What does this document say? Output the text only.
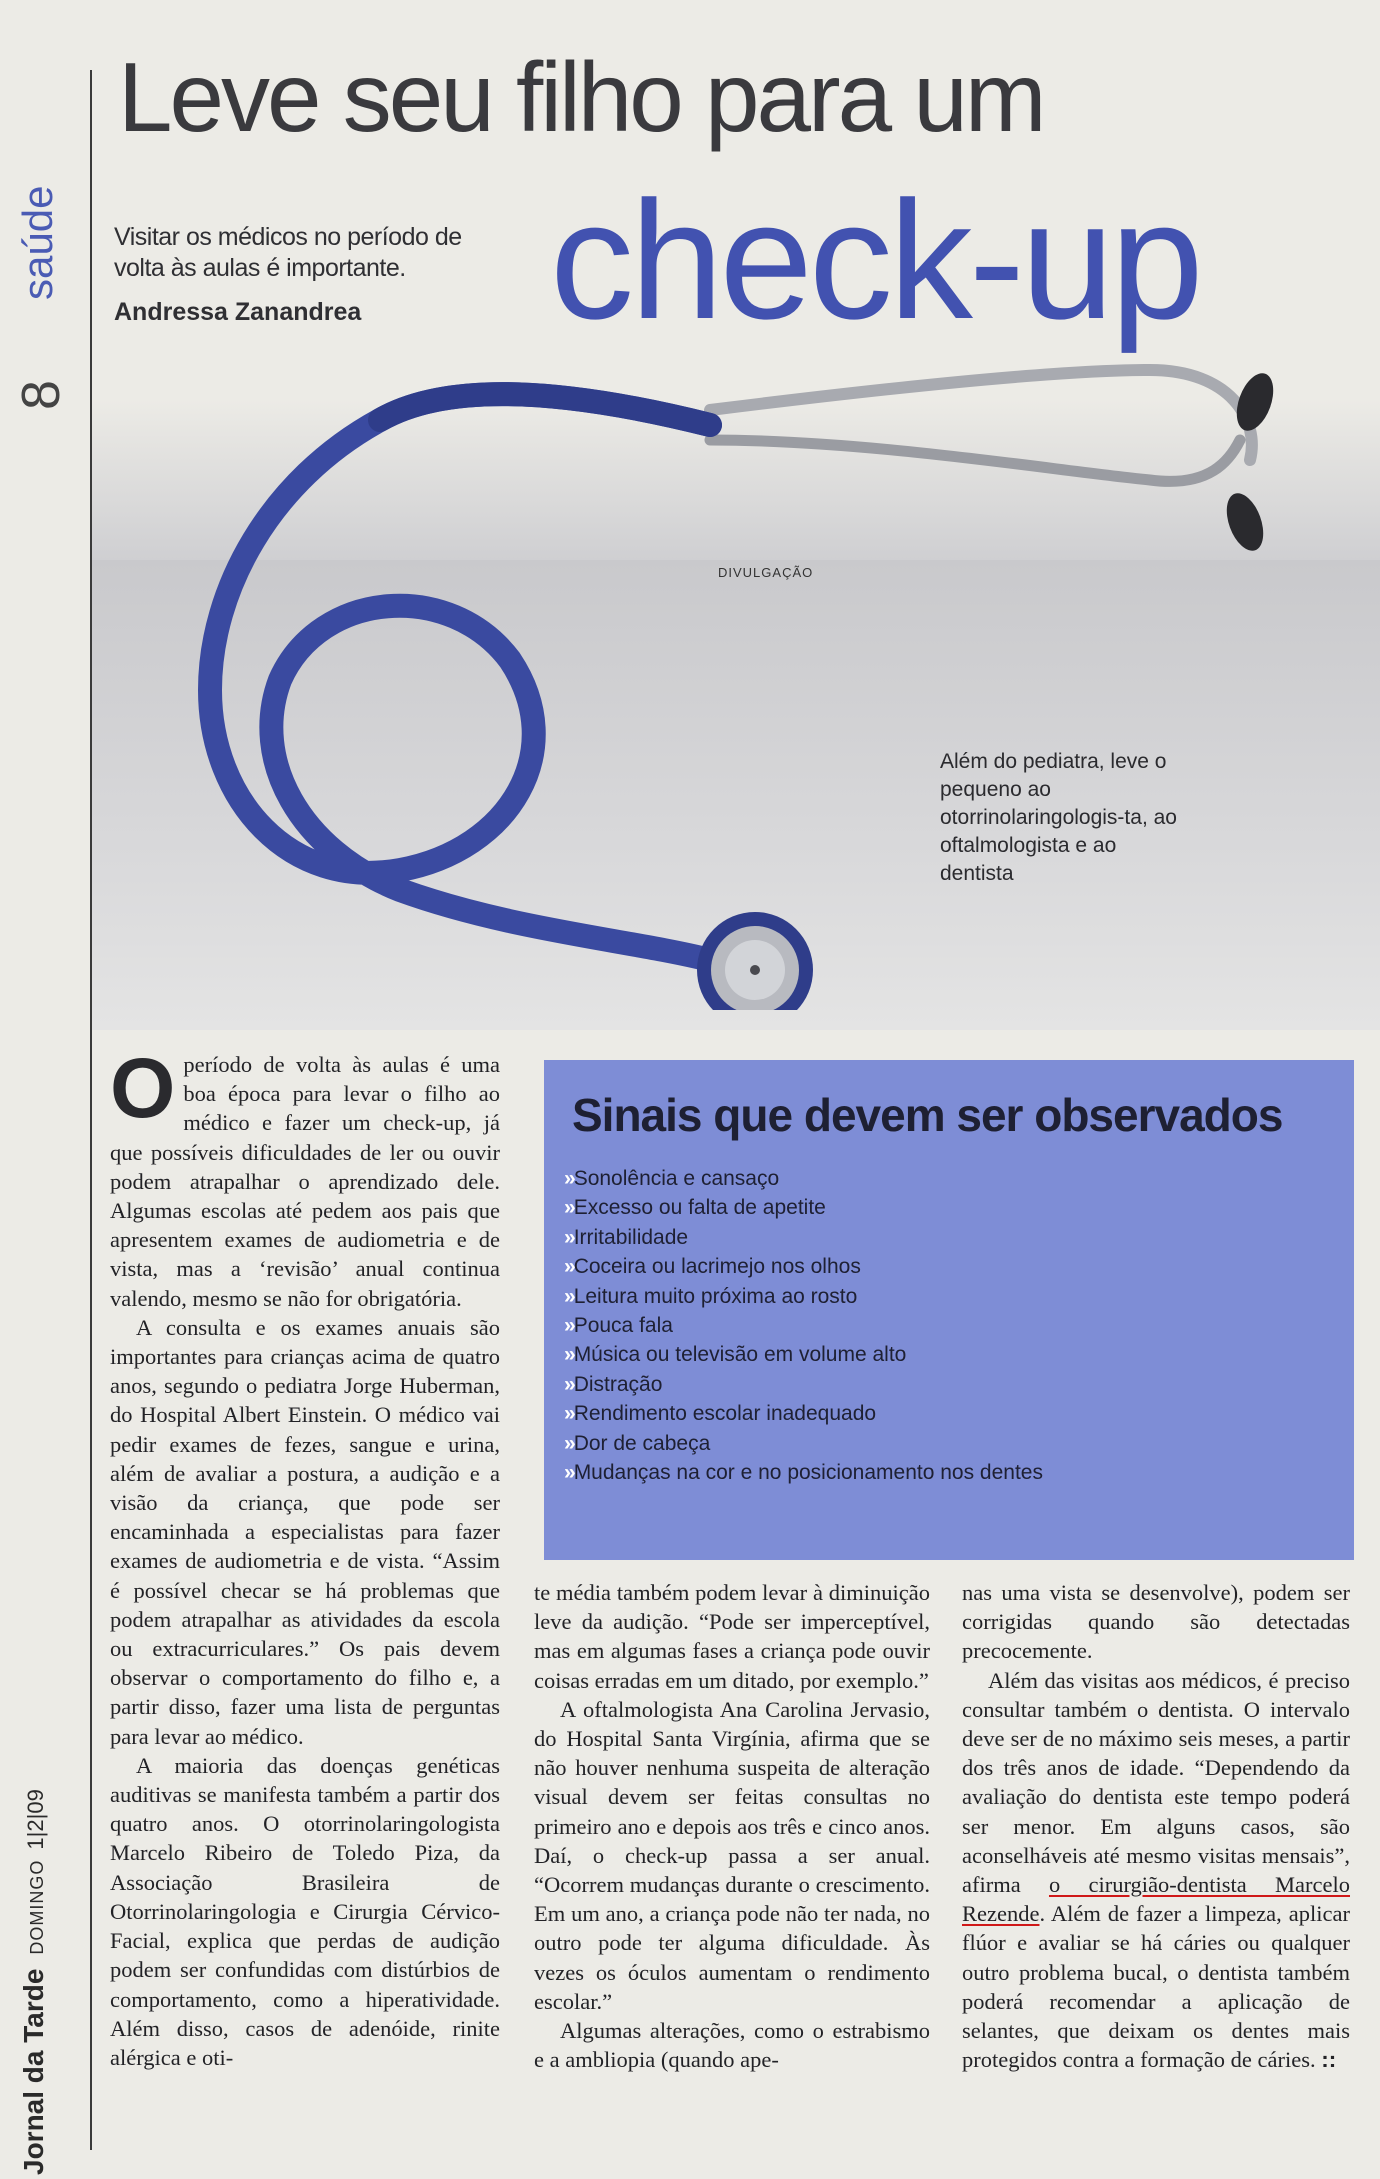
saúde
8
Jornal da TardeDOMINGO1|2|09
DIVULGAÇÃO
Além do pediatra, leve o pequeno ao otorrinolaringologis-ta, ao oftalmologista e ao dentista
Leve seu filho para um
check-up
Visitar os médicos no período de volta às aulas é importante.
Andressa Zanandrea

Operíodo de volta às aulas é uma boa época para levar o filho ao médico e fazer um check-up, já que possíveis dificuldades de ler ou ouvir podem atrapalhar o aprendizado dele. Algumas escolas até pedem aos pais que apresentem exames de audiometria e de vista, mas a ‘revisão’ anual continua valendo, mesmo se não for obrigatória.

A consulta e os exames anuais são importantes para crianças acima de quatro anos, segundo o pediatra Jorge Huberman, do Hospital Albert Einstein. O médico vai pedir exames de fezes, sangue e urina, além de avaliar a postura, a audição e a visão da criança, que pode ser encaminhada a especialistas para fazer exames de audiometria e de vista. “Assim é possível checar se há problemas que podem atrapalhar as atividades da escola ou extracurriculares.” Os pais devem observar o comportamento do filho e, a partir disso, fazer uma lista de perguntas para levar ao médico.

A maioria das doenças genéticas auditivas se manifesta também a partir dos quatro anos. O otorrinolaringologista Marcelo Ribeiro de Toledo Piza, da Associação Brasileira de Otorrinolaringologia e Cirurgia Cérvico-Facial, explica que perdas de audição podem ser confundidas com distúrbios de comportamento, como a hiperatividade. Além disso, casos de adenóide, rinite alérgica e oti-

Sinais que devem ser observados
»Sonolência e cansaço
»Excesso ou falta de apetite
»Irritabilidade
»Coceira ou lacrimejo nos olhos
»Leitura muito próxima ao rosto
»Pouca fala
»Música ou televisão em volume alto
»Distração
»Rendimento escolar inadequado
»Dor de cabeça
»Mudanças na cor e no posicionamento nos dentes

te média também podem levar à diminuição leve da audição. “Pode ser imperceptível, mas em algumas fases a criança pode ouvir coisas erradas em um ditado, por exemplo.”

A oftalmologista Ana Carolina Jervasio, do Hospital Santa Virgínia, afirma que se não houver nenhuma suspeita de alteração visual devem ser feitas consultas no primeiro ano e depois aos três e cinco anos. Daí, o check-up passa a ser anual. “Ocorrem mudanças durante o crescimento. Em um ano, a criança pode não ter nada, no outro pode ter alguma dificuldade. Às vezes os óculos aumentam o rendimento escolar.”

Algumas alterações, como o estrabismo e a ambliopia (quando ape-

nas uma vista se desenvolve), podem ser corrigidas quando são detectadas precocemente.

Além das visitas aos médicos, é preciso consultar também o dentista. O intervalo deve ser de no máximo seis meses, a partir dos três anos de idade. “Dependendo da avaliação do dentista este tempo poderá ser menor. Em alguns casos, são aconselháveis até mesmo visitas mensais”, afirma o cirurgião-dentista Marcelo Rezende. Além de fazer a limpeza, aplicar flúor e avaliar se há cáries ou qualquer outro problema bucal, o dentista também poderá recomendar a aplicação de selantes, que deixam os dentes mais protegidos contra a formação de cáries. ::
